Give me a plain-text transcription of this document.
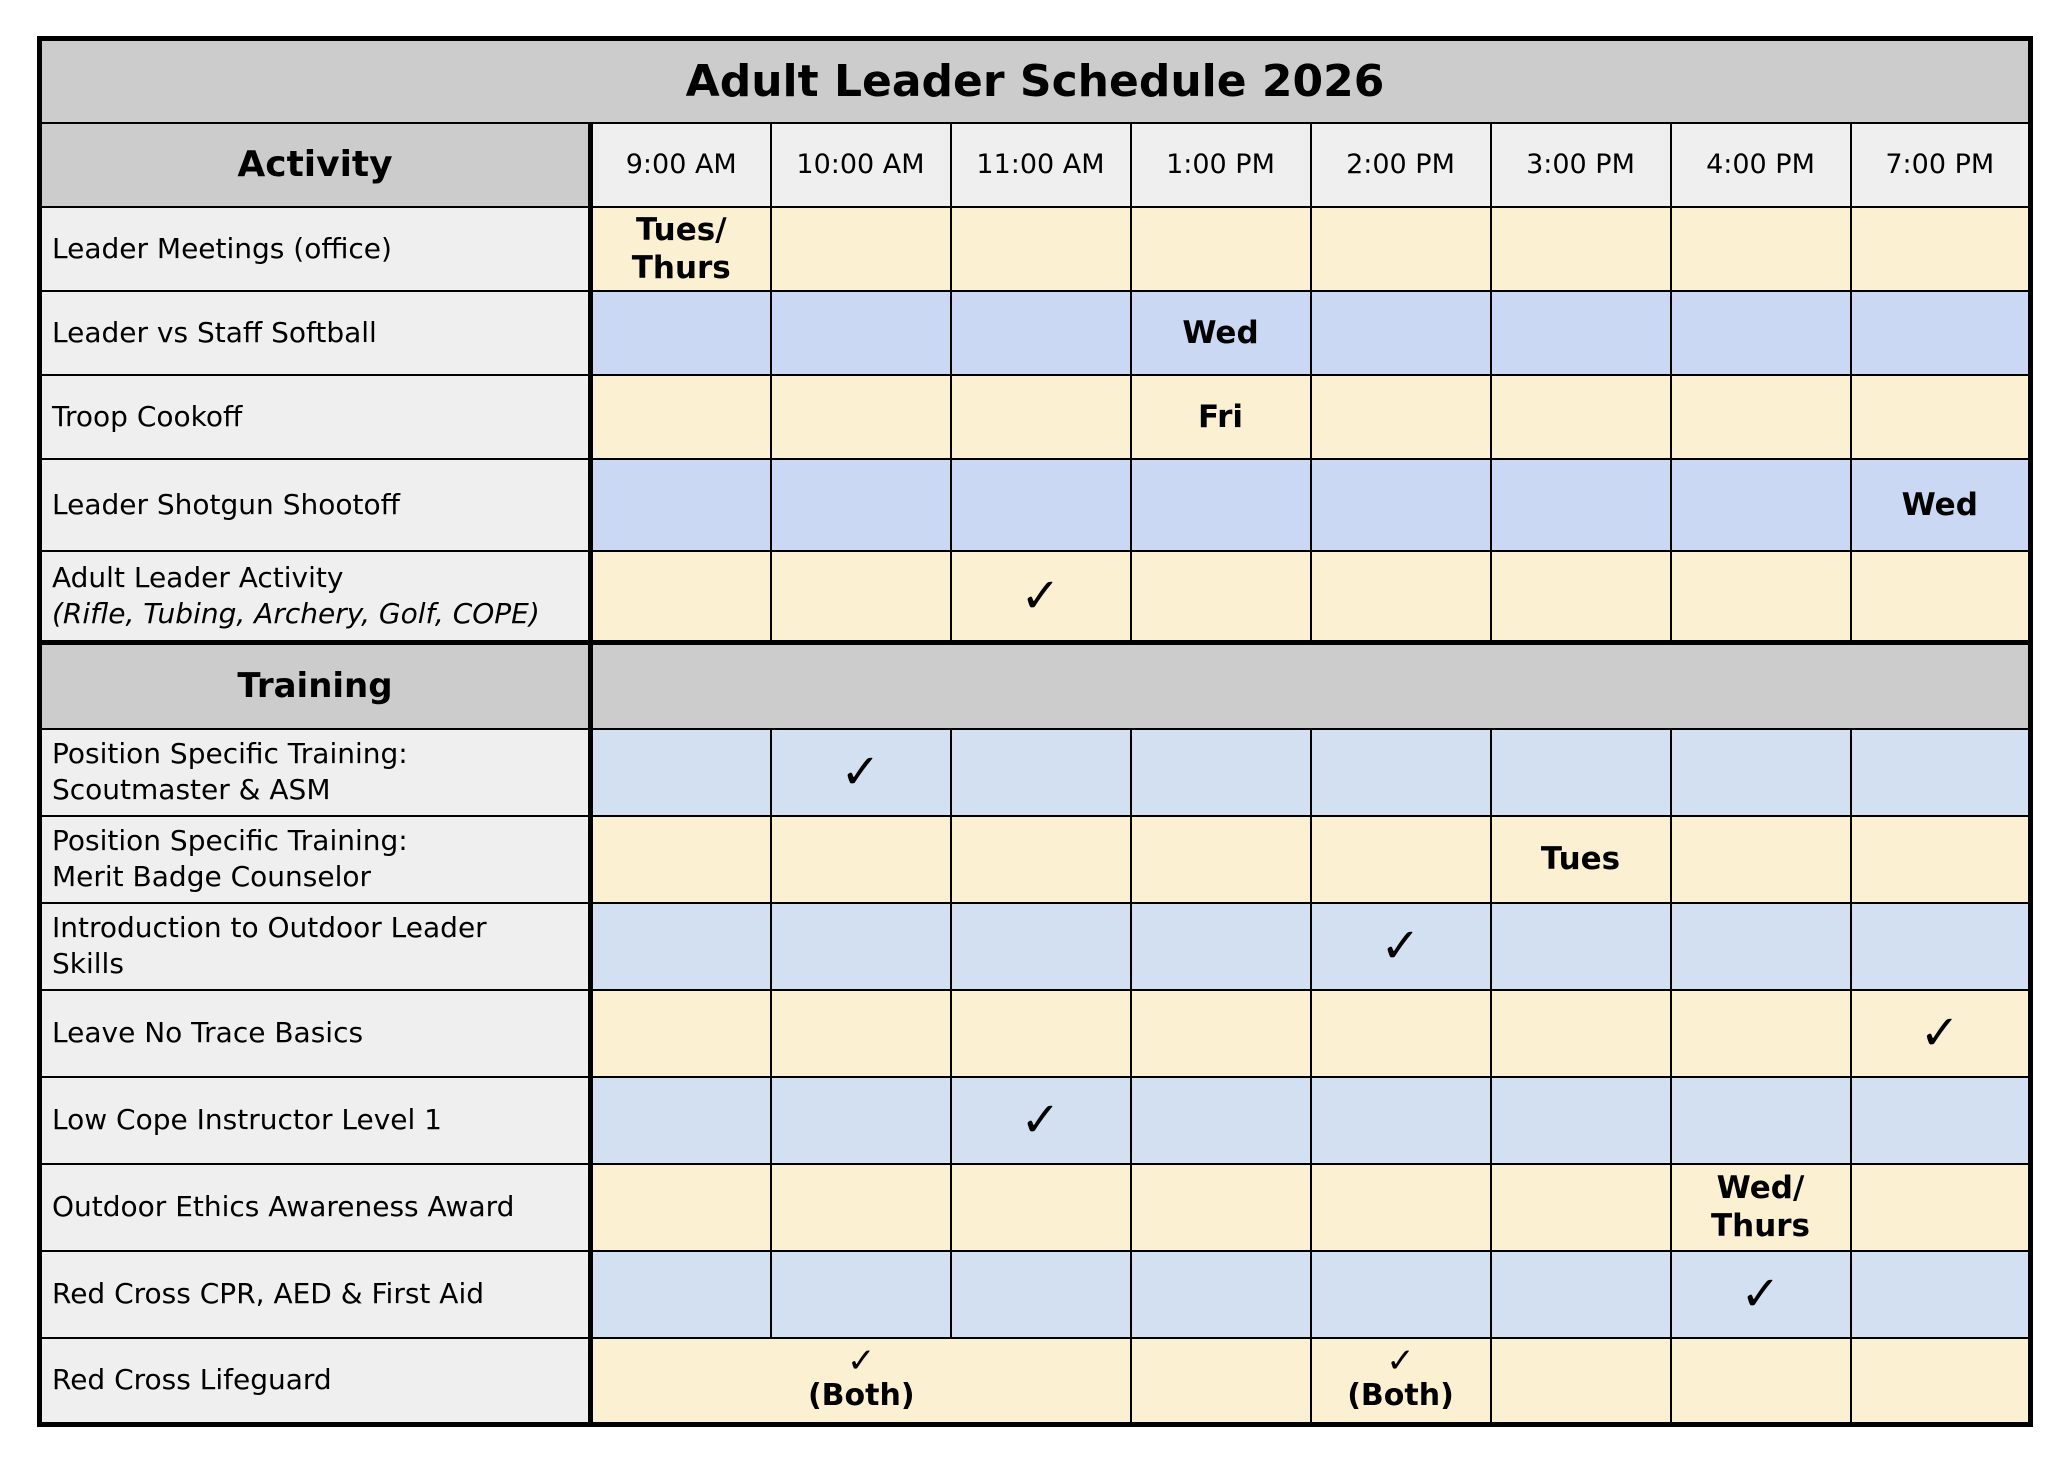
Adult Leader Schedule 2026								
Activity	9:00 AM	10:00 AM	11:00 AM	1:00 PM	2:00 PM	3:00 PM	4:00 PM	7:00 PM
Leader Meetings (office)	Tues/
Thurs							
Leader vs Staff Softball				Wed				
Troop Cookoff				Fri				
Leader Shotgun Shootoff								Wed
Adult Leader Activity
(Rifle, Tubing, Archery, Golf, COPE)			✓					
Training								
Position Specific Training:
Scoutmaster & ASM		✓						
Position Specific Training:
Merit Badge Counselor						Tues		
Introduction to Outdoor Leader
Skills					✓			
Leave No Trace Basics								✓
Low Cope Instructor Level 1			✓					
Outdoor Ethics Awareness Award							Wed/
Thurs	
Red Cross CPR, AED & First Aid							✓	
Red Cross Lifeguard	✓
(Both)				✓
(Both)			
